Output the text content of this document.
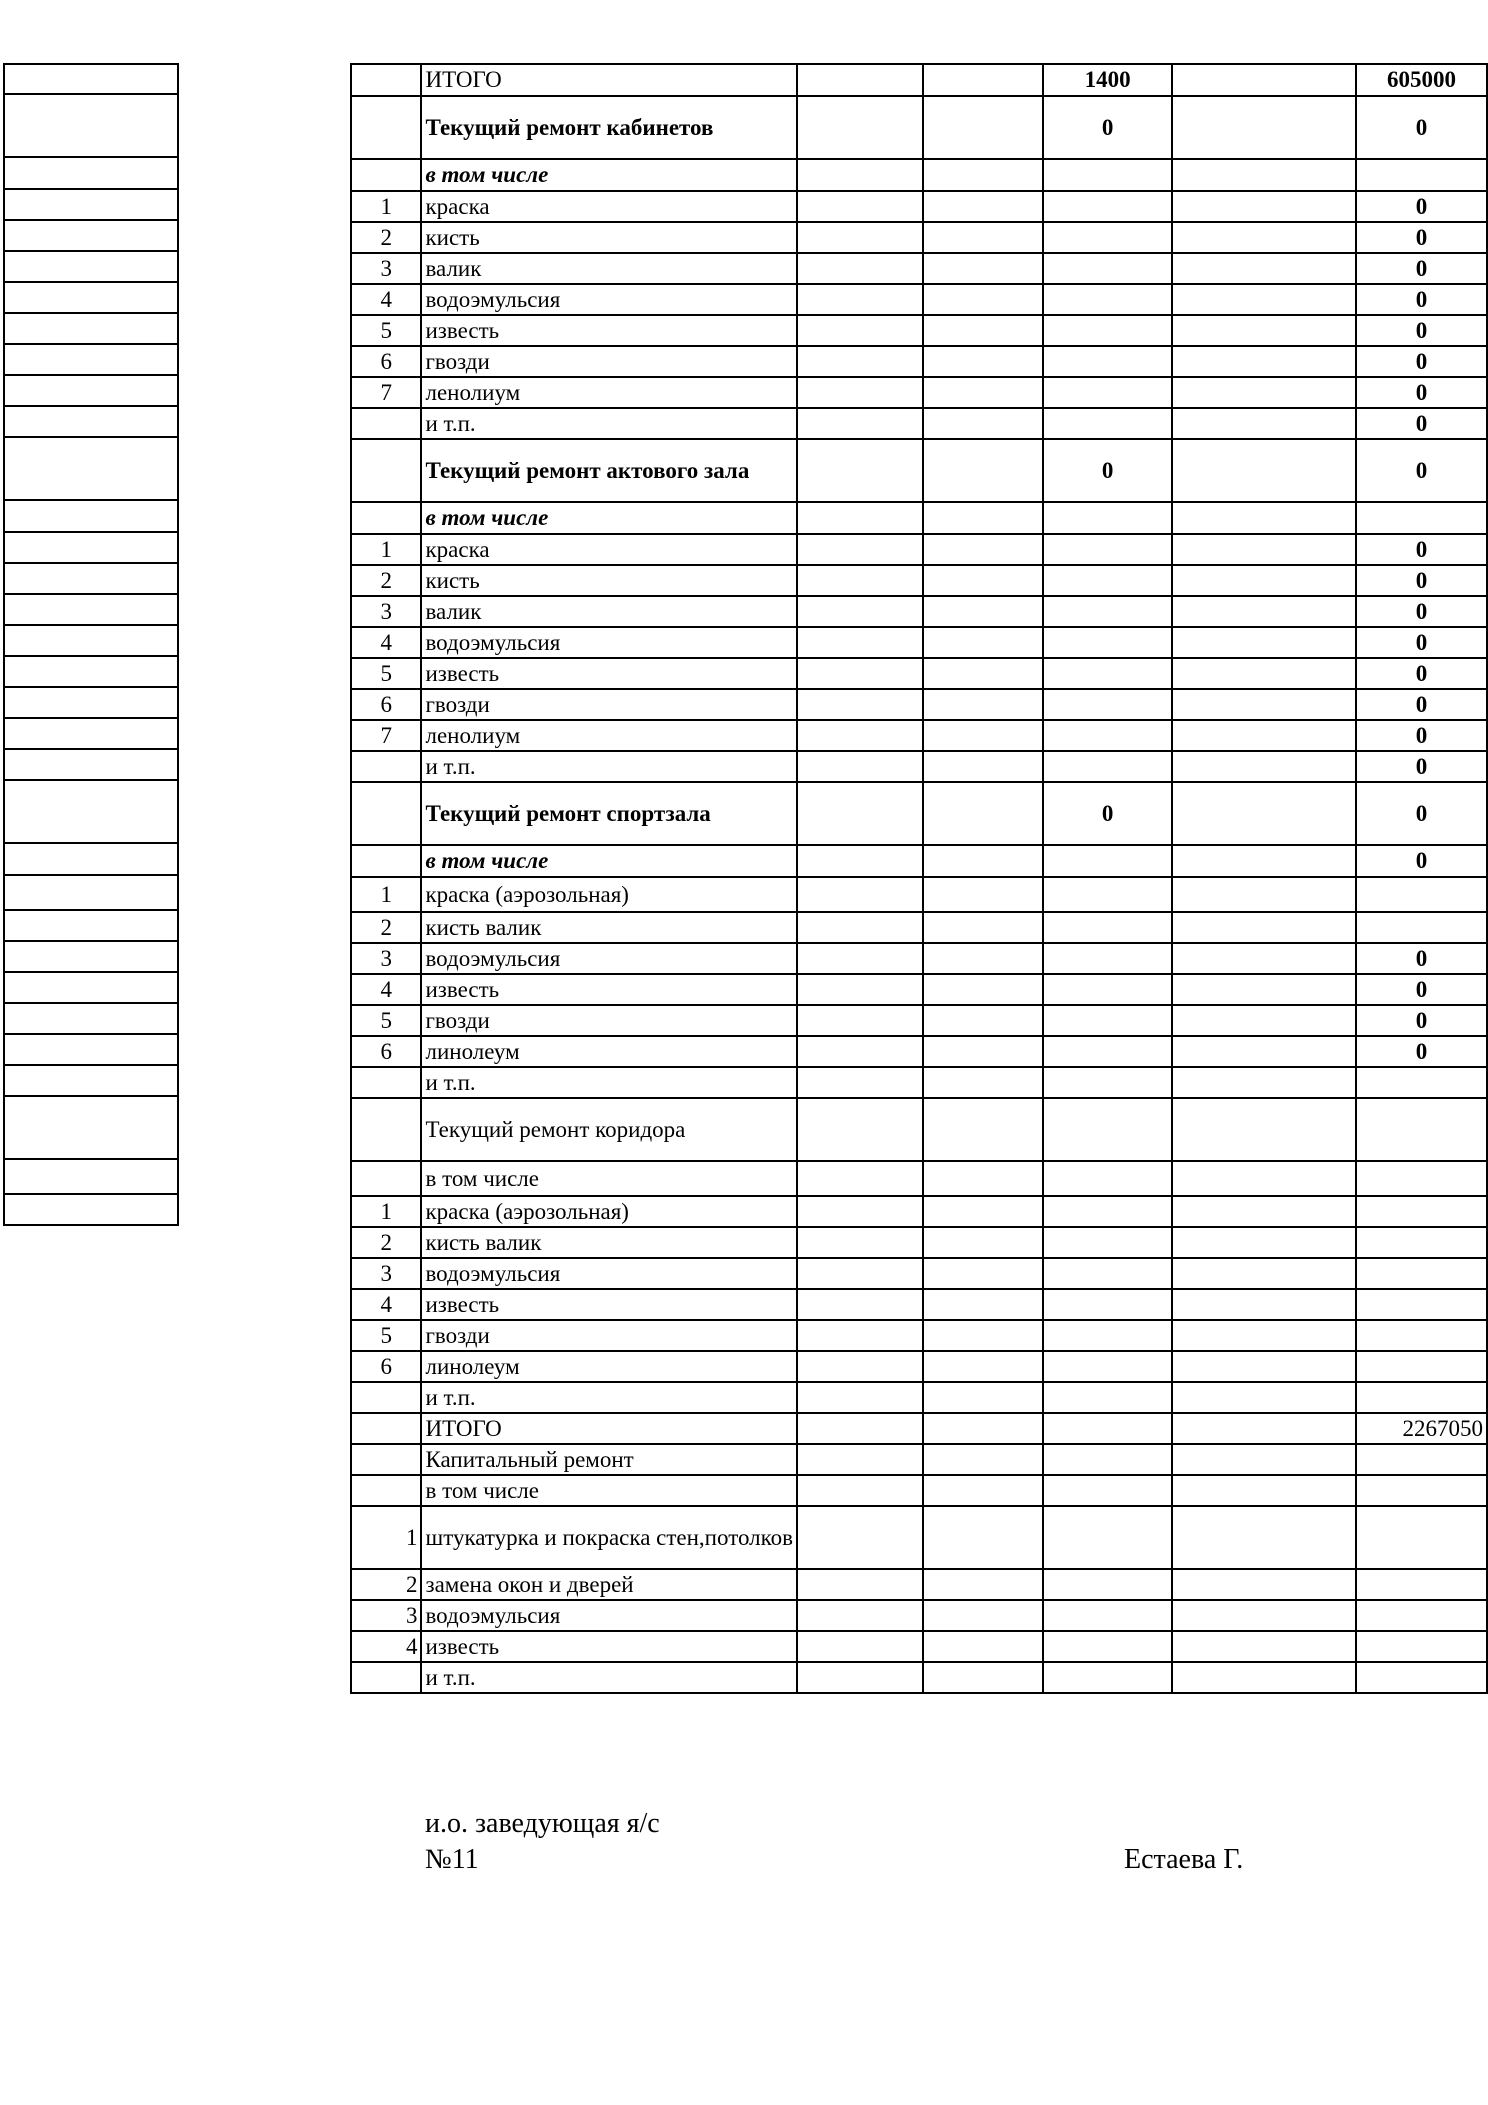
	ИТОГО			1400		605000
	Текущий ремонт кабинетов			0		0
	в том числе					
1	краска					0
2	кисть					0
3	валик					0
4	водоэмульсия					0
5	известь					0
6	гвозди					0
7	ленолиум					0
	и т.п.					0
	Текущий ремонт актового зала			0		0
	в том числе					
1	краска					0
2	кисть					0
3	валик					0
4	водоэмульсия					0
5	известь					0
6	гвозди					0
7	ленолиум					0
	и т.п.					0
	Текущий ремонт спортзала			0		0
	в том числе					0
1	краска (аэрозольная)					
2	кисть валик					
3	водоэмульсия					0
4	известь					0
5	гвозди					0
6	линолеум					0
	и т.п.					
	Текущий ремонт коридора					
	в том числе					
1	краска (аэрозольная)					
2	кисть валик					
3	водоэмульсия					
4	известь					
5	гвозди					
6	линолеум					
	и т.п.					
	ИТОГО					2267050
	Капитальный ремонт					
	в том числе					
1	штукатурка и покраска стен,потолков					
2	замена окон и дверей					
3	водоэмульсия					
4	известь					
	и т.п.					
и.о. заведующая я/с
№11	Естаева Г.
